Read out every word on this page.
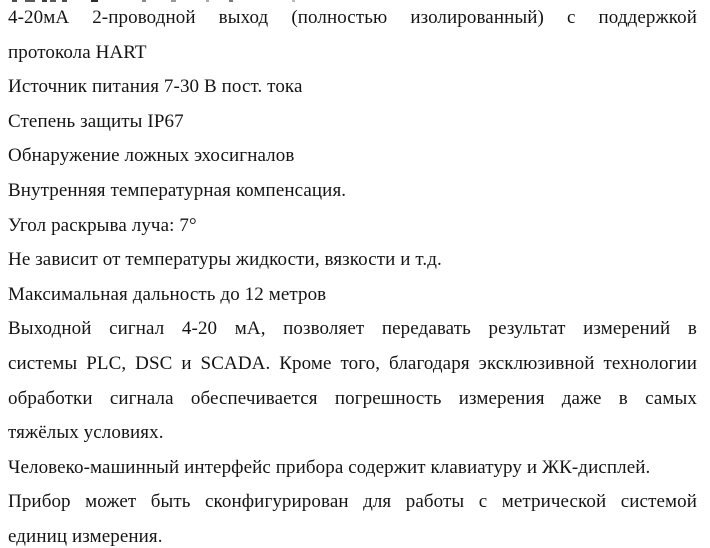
4-20мА 2-проводной выход (полностью изолированный) с поддержкой
протокола HART
Источник питания 7-30 В пост. тока
Степень защиты IP67
Обнаружение ложных эхосигналов
Внутренняя температурная компенсация.
Угол раскрыва луча: 7°
Не зависит от температуры жидкости, вязкости и т.д.
Максимальная дальность до 12 метров
Выходной сигнал 4-20 мА, позволяет передавать результат измерений в
системы PLC, DSC и SCADA. Кроме того, благодаря эксклюзивной технологии
обработки сигнала обеспечивается погрешность измерения даже в самых
тяжёлых условиях.
Человеко-машинный интерфейс прибора содержит клавиатуру и ЖК-дисплей.
Прибор может быть сконфигурирован для работы с метрической системой
единиц измерения.
